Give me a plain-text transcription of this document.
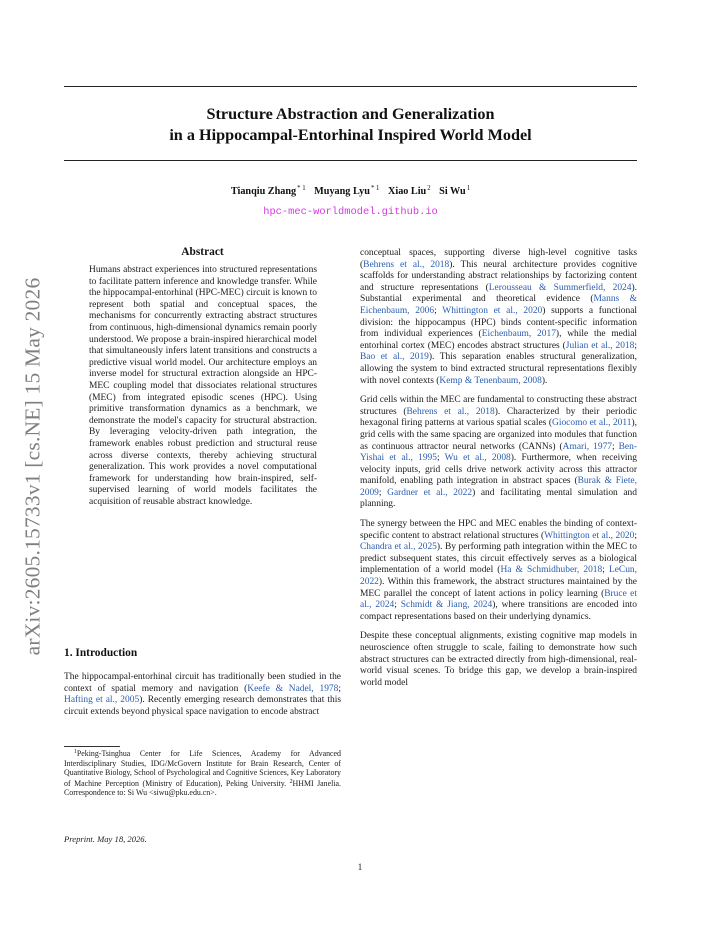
arXiv:2605.15733v1 [cs.NE] 15 May 2026
Structure Abstraction and Generalization
in a Hippocampal-Entorhinal Inspired World Model
Tianqiu Zhang$^{* 1}$ Muyang Lyu$^{* 1}$ Xiao Liu$^2$ Si Wu$^1$
hpc-mec-worldmodel.github.io
Abstract

Humans abstract experiences into structured representations to facilitate pattern inference and knowledge transfer. While the hippocampal-entorhinal (HPC-MEC) circuit is known to represent both spatial and conceptual spaces, the mechanisms for concurrently extracting abstract structures from continuous, high-dimensional dynamics remain poorly understood. We propose a brain-inspired hierarchical model that simultaneously infers latent transitions and constructs a predictive visual world model. Our architecture employs an inverse model for structural extraction alongside an HPC-MEC coupling model that dissociates relational structures (MEC) from integrated episodic scenes (HPC). Using primitive transformation dynamics as a benchmark, we demonstrate the model's capacity for structural abstraction. By leveraging velocity-driven path integration, the framework enables robust prediction and structural reuse across diverse contexts, thereby achieving structural generalization. This work provides a novel computational framework for understanding how brain-inspired, self-supervised learning of world models facilitates the acquisition of reusable abstract knowledge.

1. Introduction

The hippocampal-entorhinal circuit has traditionally been studied in the context of spatial memory and navigation (Keefe & Nadel, 1978; Hafting et al., 2005). Recently emerging research demonstrates that this circuit extends beyond physical space navigation to encode abstract

$^1$Peking-Tsinghua Center for Life Sciences, Academy for Advanced Interdisciplinary Studies, IDG/McGovern Institute for Brain Research, Center of Quantitative Biology, School of Psychological and Cognitive Sciences, Key Laboratory of Machine Perception (Ministry of Education), Peking University. $^2$HHMI Janelia. Correspondence to: Si Wu <siwu@pku.edu.cn>.

Preprint. May 18, 2026.

conceptual spaces, supporting diverse high-level cognitive tasks (Behrens et al., 2018). This neural architecture provides cognitive scaffolds for understanding abstract relationships by factorizing content and structure representations (Lerousseau & Summerfield, 2024). Substantial experimental and theoretical evidence (Manns & Eichenbaum, 2006; Whittington et al., 2020) supports a functional division: the hippocampus (HPC) binds content-specific information from individual experiences (Eichenbaum, 2017), while the medial entorhinal cortex (MEC) encodes abstract structures (Julian et al., 2018; Bao et al., 2019). This separation enables structural generalization, allowing the system to bind extracted structural representations flexibly with novel contexts (Kemp & Tenenbaum, 2008).

Grid cells within the MEC are fundamental to constructing these abstract structures (Behrens et al., 2018). Characterized by their periodic hexagonal firing patterns at various spatial scales (Giocomo et al., 2011), grid cells with the same spacing are organized into modules that function as continuous attractor neural networks (CANNs) (Amari, 1977; Ben-Yishai et al., 1995; Wu et al., 2008). Furthermore, when receiving velocity inputs, grid cells drive network activity across this attractor manifold, enabling path integration in abstract spaces (Burak & Fiete, 2009; Gardner et al., 2022) and facilitating mental simulation and planning.

The synergy between the HPC and MEC enables the binding of context-specific content to abstract relational structures (Whittington et al., 2020; Chandra et al., 2025). By performing path integration within the MEC to predict subsequent states, this circuit effectively serves as a biological implementation of a world model (Ha & Schmidhuber, 2018; LeCun, 2022). Within this framework, the abstract structures maintained by the MEC parallel the concept of latent actions in policy learning (Bruce et al., 2024; Schmidt & Jiang, 2024), where transitions are encoded into compact representations based on their underlying dynamics.

Despite these conceptual alignments, existing cognitive map models in neuroscience often struggle to scale, failing to demonstrate how such abstract structures can be extracted directly from high-dimensional, real-world visual scenes. To bridge this gap, we develop a brain-inspired world model

1
